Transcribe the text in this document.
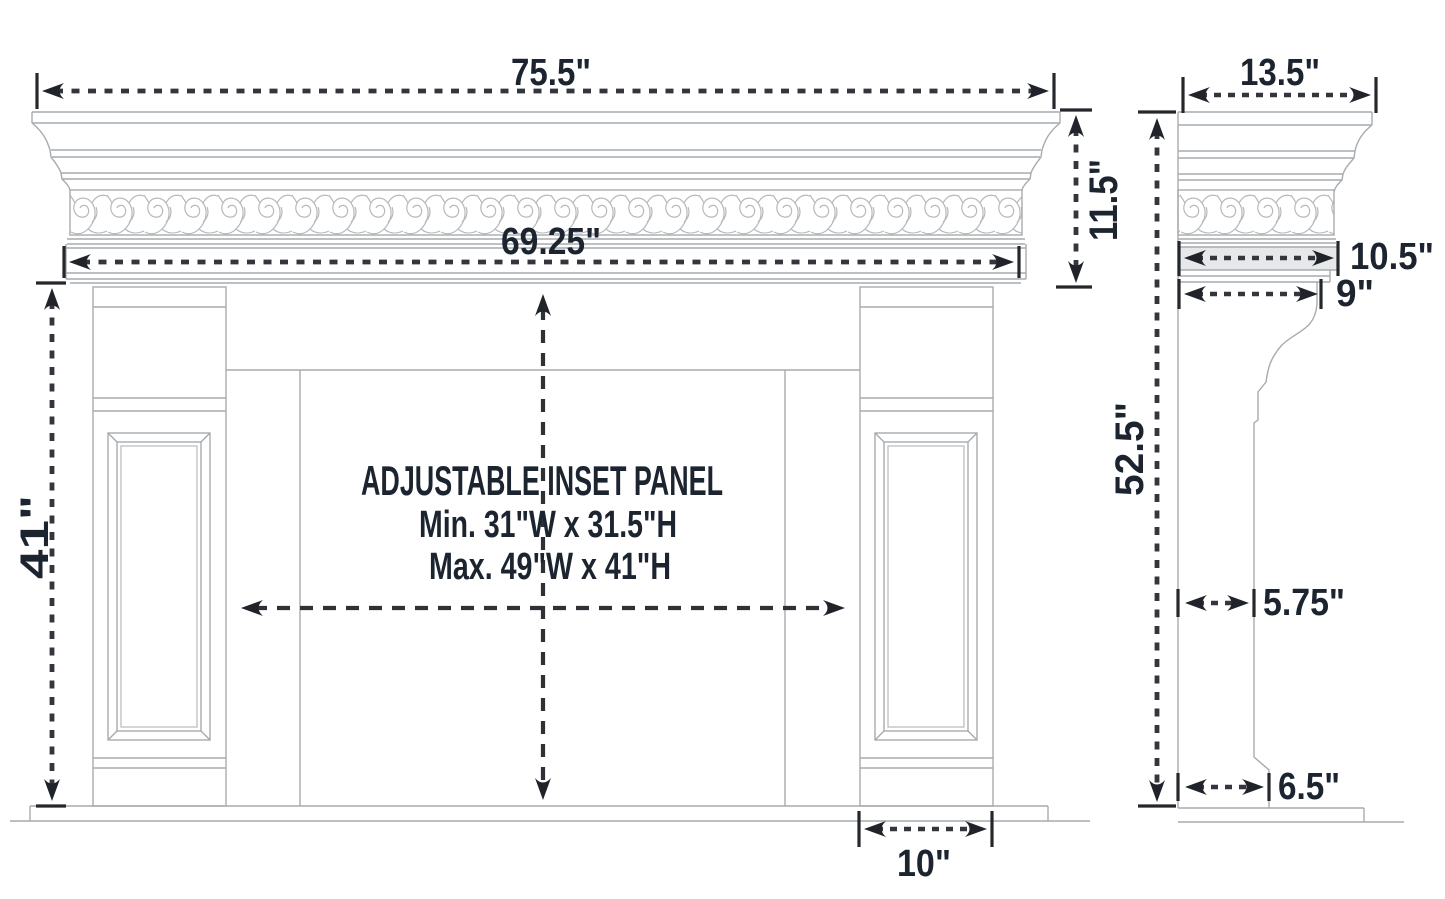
75.5"
69.25"
11.5"
41"
ADJUSTABLE INSET PANEL
Min. 31"W x 31.5"H
Max. 49"W x 41"H
10"
13.5"
52.5"
10.5"
9"
5.75"
6.5"
